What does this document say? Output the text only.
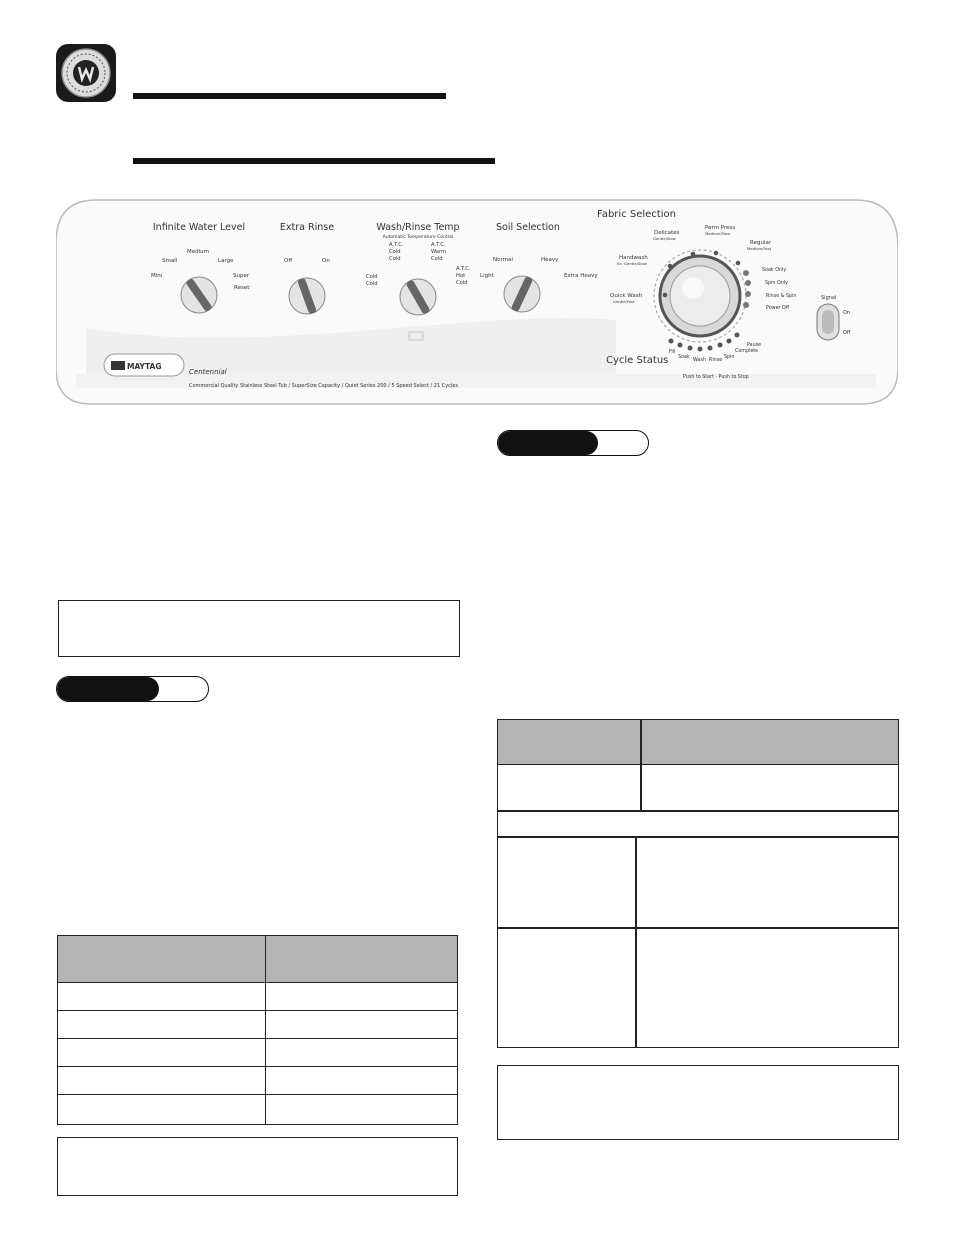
Infinite Water Level
Mini
Small
Medium
Large
Super
Reset
Extra Rinse
Off	On
Wash/Rinse Temp
Automatic Temperature Control
Cold Cold
A.T.C. Cold Cold
A.T.C. Warm Cold
A.T.C. Hot Cold
Soil Selection
Light
Normal	Heavy
Extra Heavy
Fabric Selection
Delicates
Gentle/Slow
Perm Press
Medium/Slow
Regular
Medium/Fast
Handwash
Ex. Gentle/Slow
Quick Wash
Gentle/Fast
Soak Only
Spin Only
Rinse & Spin
Power Off
Cycle Status
Fill
Soak
Wash Rinse
Spin
Complete
Pause
Signal
On
Off
MAYTAG
Centennial
Commercial Quality Stainless Steel Tub / SuperSize Capacity / Quiet Series 200 / 5 Speed Select / 21 Cycles
Push to Start · Push to Stop
